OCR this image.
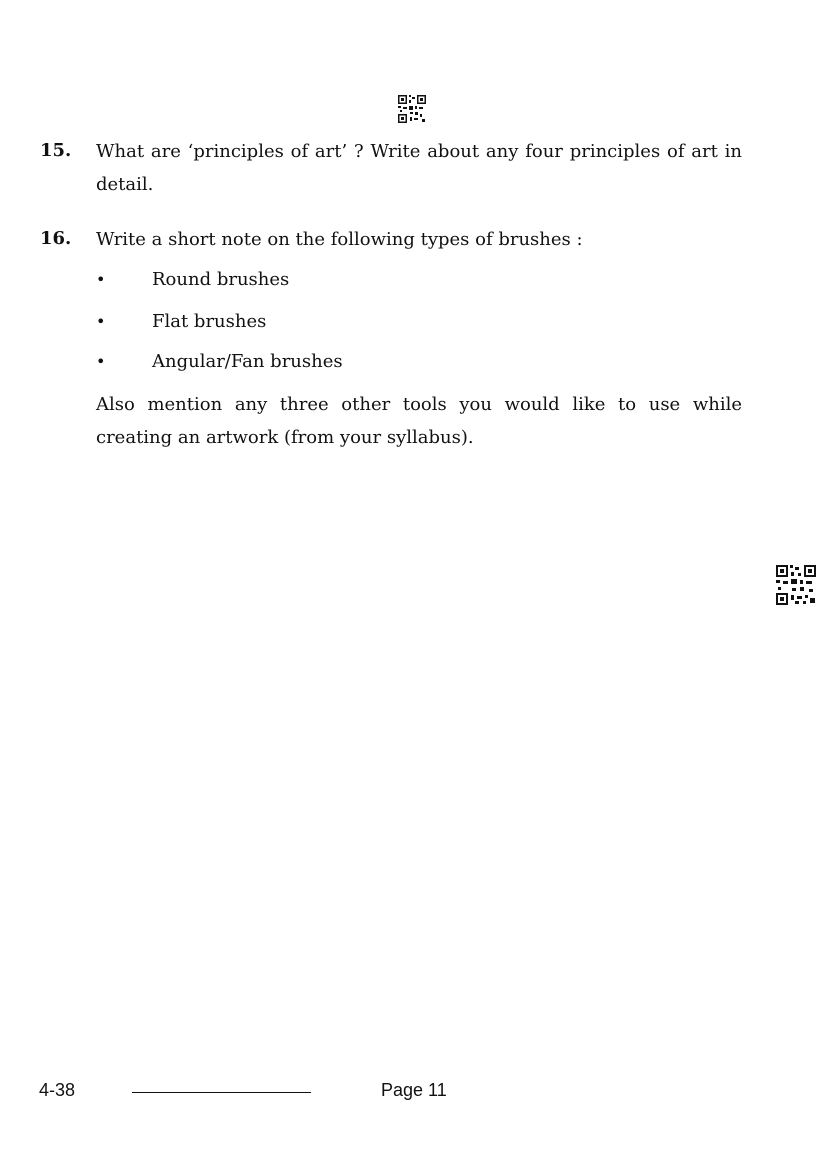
15. What are ‘principles of art’ ? Write about any four principles of art in detail.
16. Write a short note on the following types of brushes :
•	Round brushes
•	Flat brushes
•	Angular/Fan brushes
Also mention any three other tools you would like to use while creating an artwork (from your syllabus).
4-38	Page 11
